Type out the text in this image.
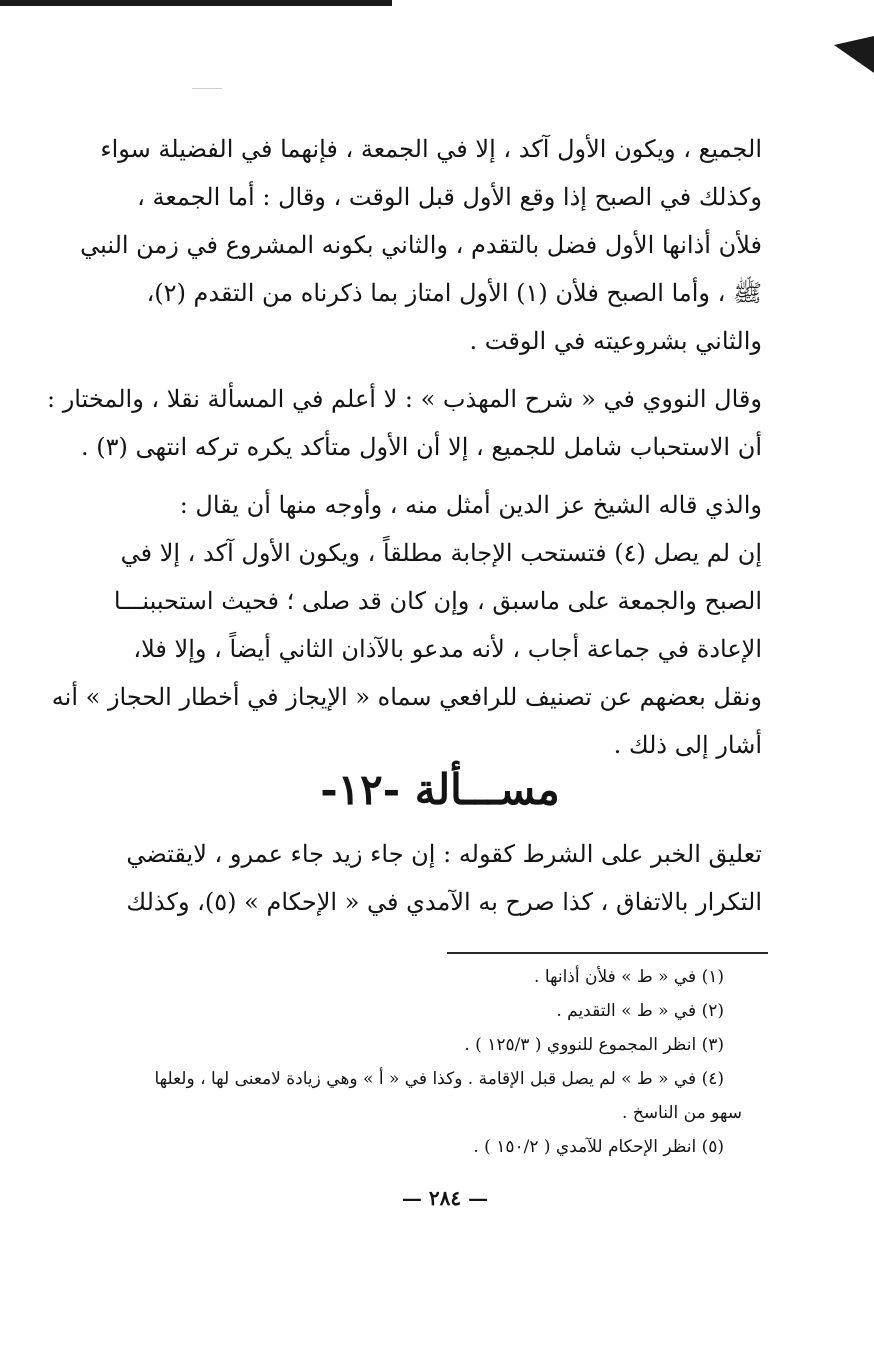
الجميع ، ويكون الأول آكد ، إلا في الجمعة ، فإنهما في الفضيلة سواء
وكذلك في الصبح إذا وقع الأول قبل الوقت ، وقال : أما الجمعة ،
فلأن أذانها الأول فضل بالتقدم ، والثاني بكونه المشروع في زمن النبي
ﷺ ، وأما الصبح فلأن (١) الأول امتاز بما ذكرناه من التقدم (٢)،
والثاني بشروعيته في الوقت .
وقال النووي في « شرح المهذب » : لا أعلم في المسألة نقلا ، والمختار :
أن الاستحباب شامل للجميع ، إلا أن الأول متأكد يكره تركه انتهى (٣) .
والذي قاله الشيخ عز الدين أمثل منه ، وأوجه منها أن يقال :
إن لم يصل (٤) فتستحب الإجابة مطلقاً ، ويكون الأول آكد ، إلا في
الصبح والجمعة على ماسبق ، وإن كان قد صلى ؛ فحيث استحببنـــا
الإعادة في جماعة أجاب ، لأنه مدعو بالآذان الثاني أيضاً ، وإلا فلا،
ونقل بعضهم عن تصنيف للرافعي سماه « الإيجاز في أخطار الحجاز » أنه
أشار إلى ذلك .
مســـألة -١٢-
تعليق الخبر على الشرط كقوله : إن جاء زيد جاء عمرو ، لايقتضي
التكرار بالاتفاق ، كذا صرح به الآمدي في « الإحكام » (٥)، وكذلك
(١) في « ط » فلأن أذانها .
(٢) في « ط » التقديم .
(٣) انظر المجموع للنووي ( ١٢٥/٣ ) .
(٤) في « ط » لم يصل قبل الإقامة . وكذا في « أ » وهي زيادة لامعنى لها ، ولعلها
سهو من الناسخ .
(٥) انظر الإحكام للآمدي ( ١٥٠/٢ ) .
— ٢٨٤ —
